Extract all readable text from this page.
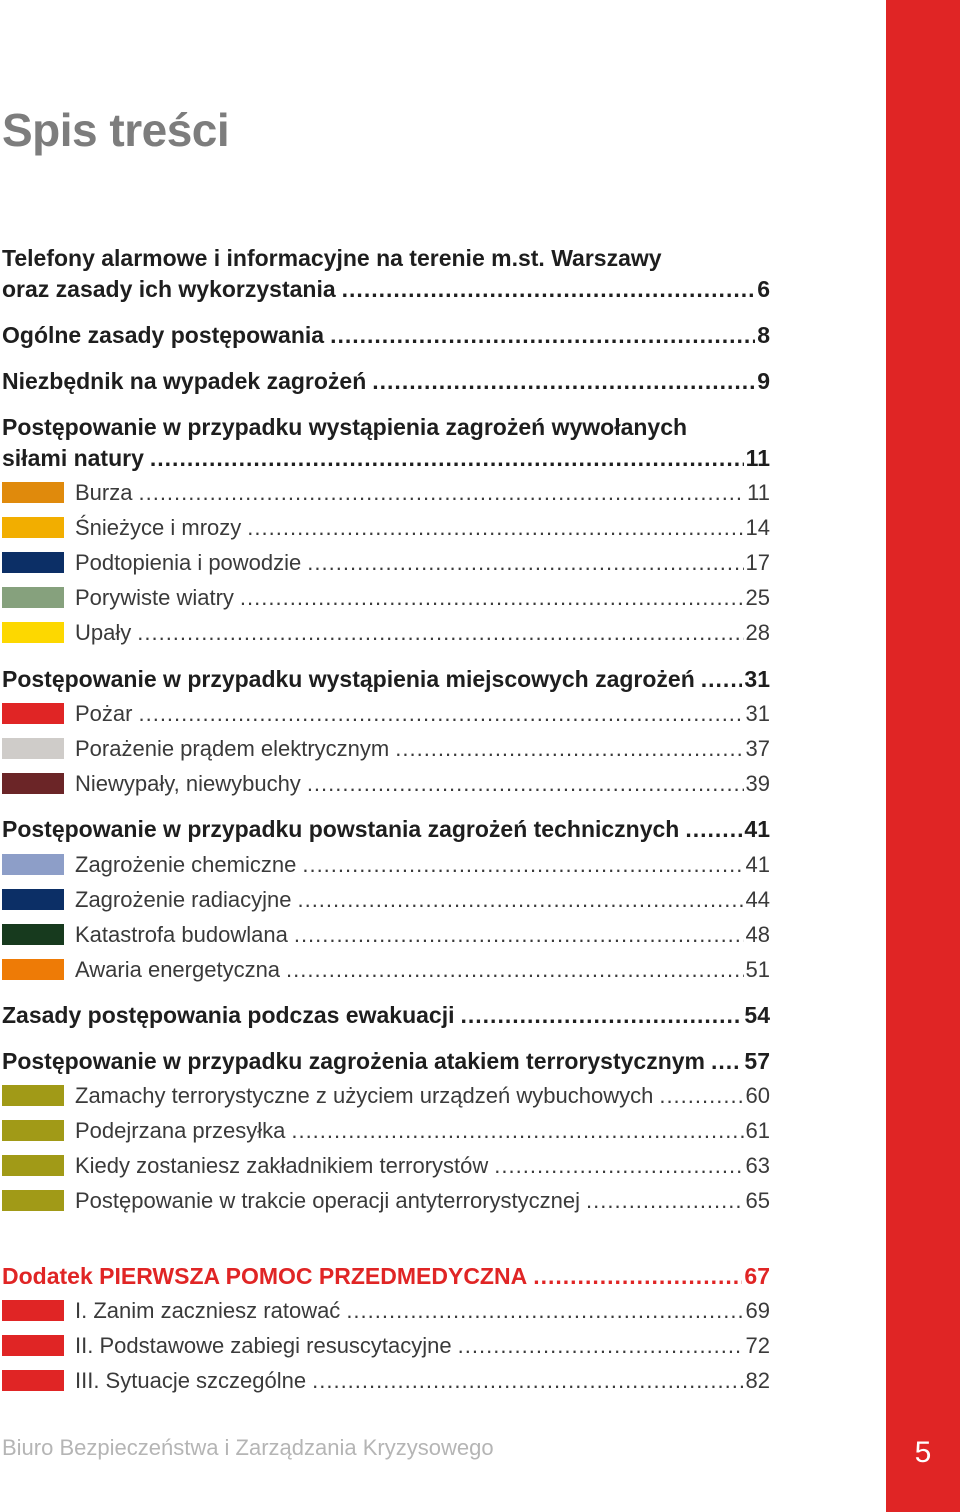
5
Spis treści
Telefony alarmowe i informacyjne na terenie m.st. Warszawy
oraz zasady ich wykorzystania .....	6
Ogólne zasady postępowania .....	8
Niezbędnik na wypadek zagrożeń .....	9
Postępowanie w przypadku wystąpienia zagrożeń wywołanych
siłami natury .....	11
Burza .....	11
Śnieżyce i mrozy .....	14
Podtopienia i powodzie .....	17
Porywiste wiatry .....	25
Upały .....	28
Postępowanie w przypadku wystąpienia miejscowych zagrożeń ..... 31
Pożar .....	31
Porażenie prądem elektrycznym .....	37
Niewypały, niewybuchy .....	39
Postępowanie w przypadku powstania zagrożeń technicznych .....	41
Zagrożenie chemiczne .....	41
Zagrożenie radiacyjne .....	44
Katastrofa budowlana .....	48
Awaria energetyczna .....	51
Zasady postępowania podczas ewakuacji .....	54
Postępowanie w przypadku zagrożenia atakiem terrorystycznym ..... 57
Zamachy terrorystyczne z użyciem urządzeń wybuchowych .....	60
Podejrzana przesyłka .....	61
Kiedy zostaniesz zakładnikiem terrorystów .....	63
Postępowanie w trakcie operacji antyterrorystycznej .....	65
Dodatek PIERWSZA POMOC PRZEDMEDYCZNA .....	67
I. Zanim zaczniesz ratować .....	69
II. Podstawowe zabiegi resuscytacyjne .....	72
III. Sytuacje szczególne .....	82
Biuro Bezpieczeństwa i Zarządzania Kryzysowego
